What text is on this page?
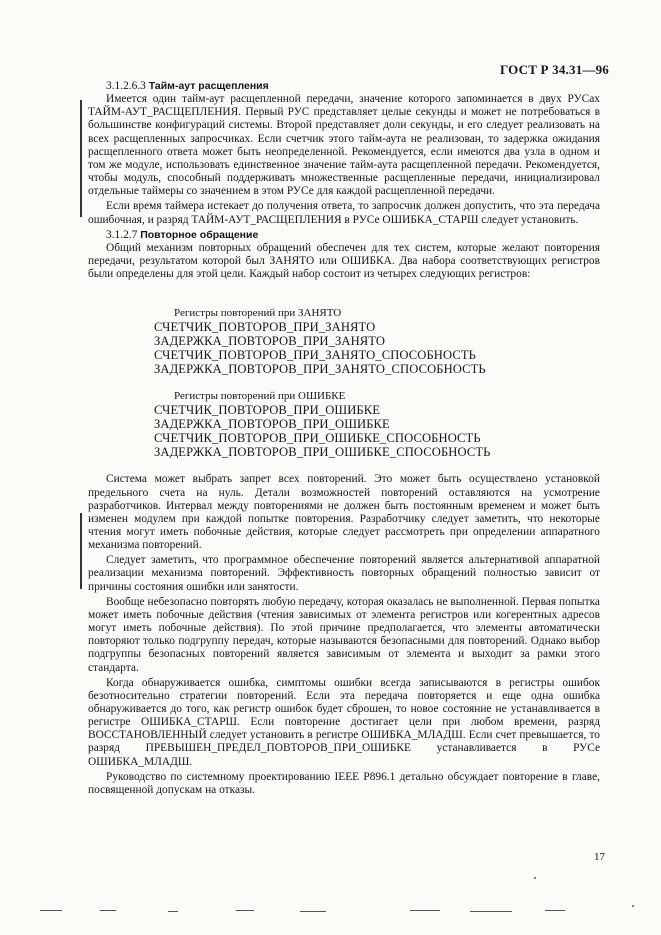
ГОСТ Р 34.31—96
3.1.2.6.3 Тайм-аут расщепления

Имеется один тайм-аут расщепленной передачи, значение которого запоминается в двух РУСах ТАЙМ-АУТ_РАСЩЕПЛЕНИЯ. Первый РУС представляет целые секунды и может не потребоваться в большинстве конфигураций системы. Второй представляет доли секунды, и его следует реализовать на всех расщепленных запросчиках. Если счетчик этого тайм-аута не реализован, то задержка ожидания расщепленного ответа может быть неопределенной. Рекомендуется, если имеются два узла в одном и том же модуле, использовать единственное значение тайм-аута расщепленной передачи. Рекомендуется, чтобы модуль, способный поддерживать множественные расщепленные передачи, инициализировал отдельные таймеры со значением в этом РУСе для каждой расщепленной передачи.

Если время таймера истекает до получения ответа, то запросчик должен допустить, что эта передача ошибочная, и разряд ТАЙМ-АУТ_РАСЩЕПЛЕНИЯ в РУСе ОШИБКА_СТАРШ следует установить.

3.1.2.7 Повторное обращение

Общий механизм повторных обращений обеспечен для тех систем, которые желают повторения передачи, результатом которой был ЗАНЯТО или ОШИБКА. Два набора соответствующих регистров были определены для этой цели. Каждый набор состоит из четырех следующих регистров:

Регистры повторений при ЗАНЯТО
СЧЕТЧИК_ПОВТОРОВ_ПРИ_ЗАНЯТО
ЗАДЕРЖКА_ПОВТОРОВ_ПРИ_ЗАНЯТО
СЧЕТЧИК_ПОВТОРОВ_ПРИ_ЗАНЯТО_СПОСОБНОСТЬ
ЗАДЕРЖКА_ПОВТОРОВ_ПРИ_ЗАНЯТО_СПОСОБНОСТЬ
Регистры повторений при ОШИБКЕ
СЧЕТЧИК_ПОВТОРОВ_ПРИ_ОШИБКЕ
ЗАДЕРЖКА_ПОВТОРОВ_ПРИ_ОШИБКЕ
СЧЕТЧИК_ПОВТОРОВ_ПРИ_ОШИБКЕ_СПОСОБНОСТЬ
ЗАДЕРЖКА_ПОВТОРОВ_ПРИ_ОШИБКЕ_СПОСОБНОСТЬ

Система может выбрать запрет всех повторений. Это может быть осуществлено установкой предельного счета на нуль. Детали возможностей повторений оставляются на усмотрение разработчиков. Интервал между повторениями не должен быть постоянным временем и может быть изменен модулем при каждой попытке повторения. Разработчику следует заметить, что некоторые чтения могут иметь побочные действия, которые следует рассмотреть при определении аппаратного механизма повторений.

Следует заметить, что программное обеспечение повторений является альтернативой аппаратной реализации механизма повторений. Эффективность повторных обращений полностью зависит от причины состояния ошибки или занятости.

Вообще небезопасно повторять любую передачу, которая оказалась не выполненной. Первая попытка может иметь побочные действия (чтения зависимых от элемента регистров или когерентных адресов могут иметь побочные действия). По этой причине предполагается, что элементы автоматически повторяют только подгруппу передач, которые называются безопасными для повторений. Однако выбор подгруппы безопасных повторений является зависимым от элемента и выходит за рамки этого стандарта.

Когда обнаруживается ошибка, симптомы ошибки всегда записываются в регистры ошибок безотносительно стратегии повторений. Если эта передача повторяется и еще одна ошибка обнаруживается до того, как регистр ошибок будет сброшен, то новое состояние не устанавливается в регистре ОШИБКА_СТАРШ. Если повторение достигает цели при любом времени, разряд ВОССТАНОВЛЕННЫЙ следует установить в регистре ОШИБКА_МЛАДШ. Если счет превышается, то разряд ПРЕВЫШЕН_ПРЕДЕЛ_ПОВТОРОВ_ПРИ_ОШИБКЕ устанавливается в РУСе ОШИБКА_МЛАДШ.

Руководство по системному проектированию IEEE P896.1 детально обсуждает повторение в главе, посвященной допускам на отказы.

17
